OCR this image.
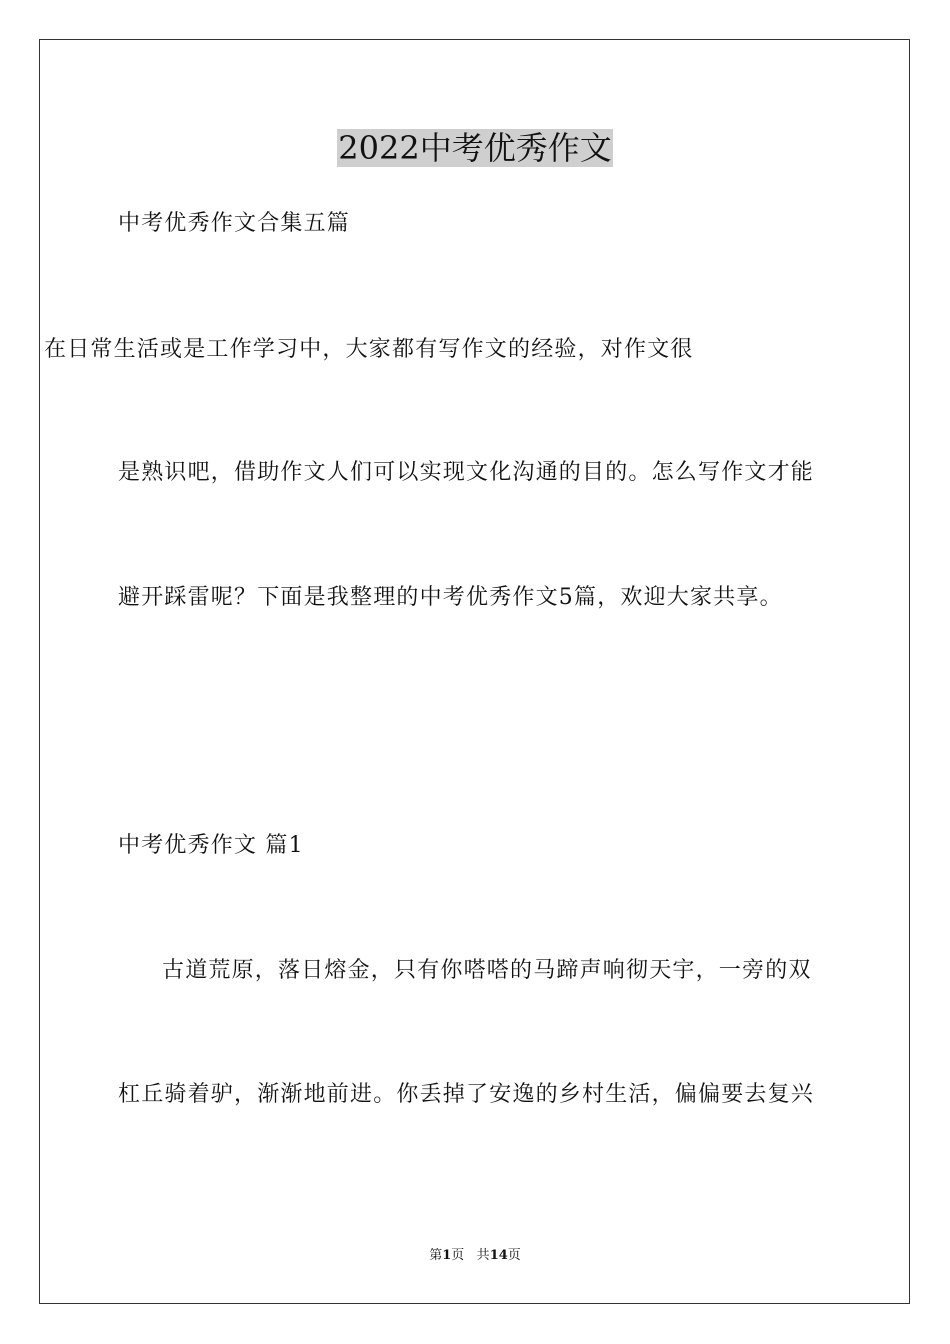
2022中考优秀作文
中考优秀作文合集五篇
在日常生活或是工作学习中，大家都有写作文的经验，对作文很
是熟识吧，借助作文人们可以实现文化沟通的目的。怎么写作文才能
避开踩雷呢？下面是我整理的中考优秀作文5篇，欢迎大家共享。
中考优秀作文 篇1
古道荒原，落日熔金，只有你嗒嗒的马蹄声响彻天宇，一旁的双
杠丘骑着驴，渐渐地前进。你丢掉了安逸的乡村生活，偏偏要去复兴
第1页 共14页
